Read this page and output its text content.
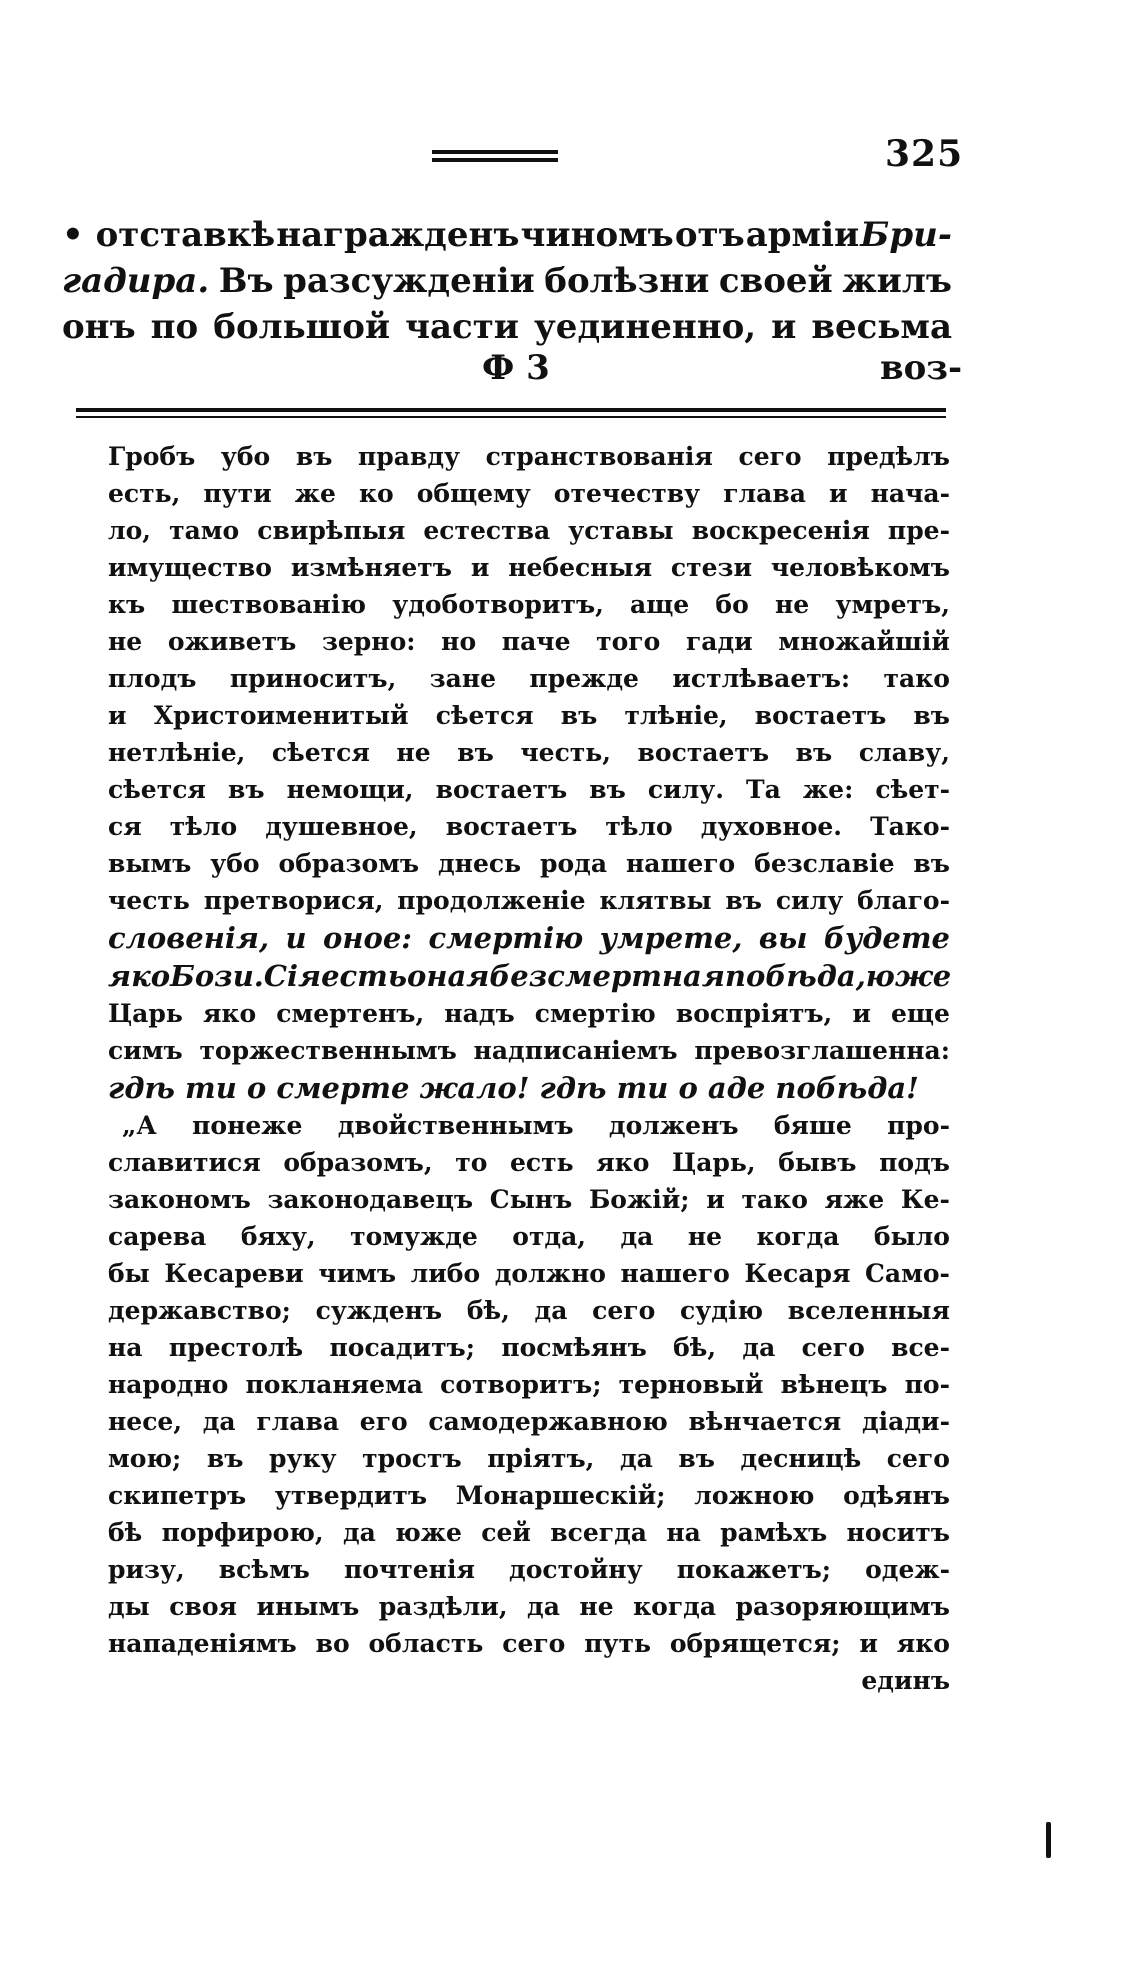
325
• отставкѣ награжденъ чиномъ отъ арміи Бри-
гадира. Въ разсужденіи болѣзни своей жилъ
онъ по большой части уединенно, и весьма
Ф 3	воз-
Гробъ убо въ правду странствованія сего предѣлъ
есть, пути же ко общему отечеству глава и нача-
ло, тамо свирѣпыя естества уставы воскресенія пре-
имущество измѣняетъ и небесныя стези человѣкомъ
къ шествованію удоботворитъ, аще бо не умретъ,
не оживетъ зерно: но паче того гади множайшій
плодъ приноситъ, зане прежде истлѣваетъ: тако
и Христоименитый сѣется въ тлѣніе, востаетъ въ
нетлѣніе, сѣется не въ честь, востаетъ въ славу,
сѣется въ немощи, востаетъ въ силу. Та же: сѣет-
ся тѣло душевное, востаетъ тѣло духовное. Тако-
вымъ убо образомъ днесь рода нашего безславіе въ
честь претворися, продолженіе клятвы въ силу благо-
словенія, и оное: смертію умрете, вы будете
яко Бози. Сія есть оная безсмертная побѣда, юже
Царь яко смертенъ, надъ смертію воспріятъ, и еще
симъ торжественнымъ надписаніемъ превозглашенна:
гдѣ ти о смерте жало! гдѣ ти о аде побѣда!
„А понеже двойственнымъ долженъ бяше про-
славитися образомъ, то есть яко Царь, бывъ подъ
закономъ законодавецъ Сынъ Божій; и тако яже Ке-
сарева бяху, томужде отда, да не когда было
бы Кесареви чимъ либо должно нашего Кесаря Само-
державство; сужденъ бѣ, да сего судію вселенныя
на престолѣ посадитъ; посмѣянъ бѣ, да сего все-
народно покланяема сотворитъ; терновый вѣнецъ по-
несе, да глава его самодержавною вѣнчается діади-
мою; въ руку тростъ пріятъ, да въ десницѣ сего
скипетръ утвердитъ Монаршескій; ложною одѣянъ
бѣ порфирою, да юже сей всегда на рамѣхъ носитъ
ризу, всѣмъ почтенія достойну покажетъ; одеж-
ды своя инымъ раздѣли, да не когда разоряющимъ
нападеніямъ во область сего путь обрящется; и яко
единъ
